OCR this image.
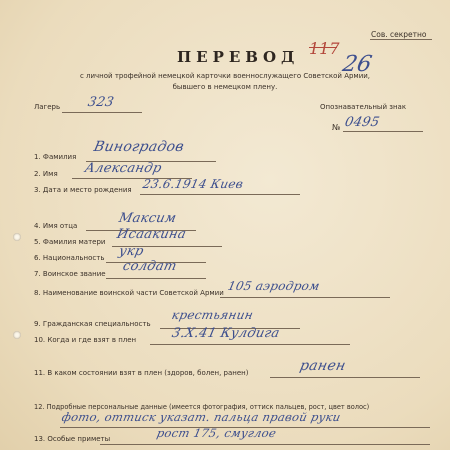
Сов. секретно
117
26
ПЕРЕВОД
с личной трофейной немецкой карточки военнослужащего Советской Армии,
бывшего в немецком плену.
Лагерь 323	Опознавательный знак
№ 0495
1. Фамилия
Виноградов
2. Имя Александр
3. Дата и место рождения 23.6.1914 Киев
4. Имя отца	Максим
5. Фамилия матери Исаакина
6. Национальность укр
7. Воинское звание солдат
8. Наименование воинской части Советской Армии 105 аэродром
9. Гражданская специальность
крестьянин
10. Когда и где взят в плен	3.X.41 Кулдига
11. В каком состоянии взят в плен (здоров, болен, ранен)	ранен
12. Подробные персональные данные (имеется фотография, оттиск пальцев, рост, цвет волос)
фото, оттиск указат. пальца правой руки
13. Особые приметы	рост 175, смуглое
